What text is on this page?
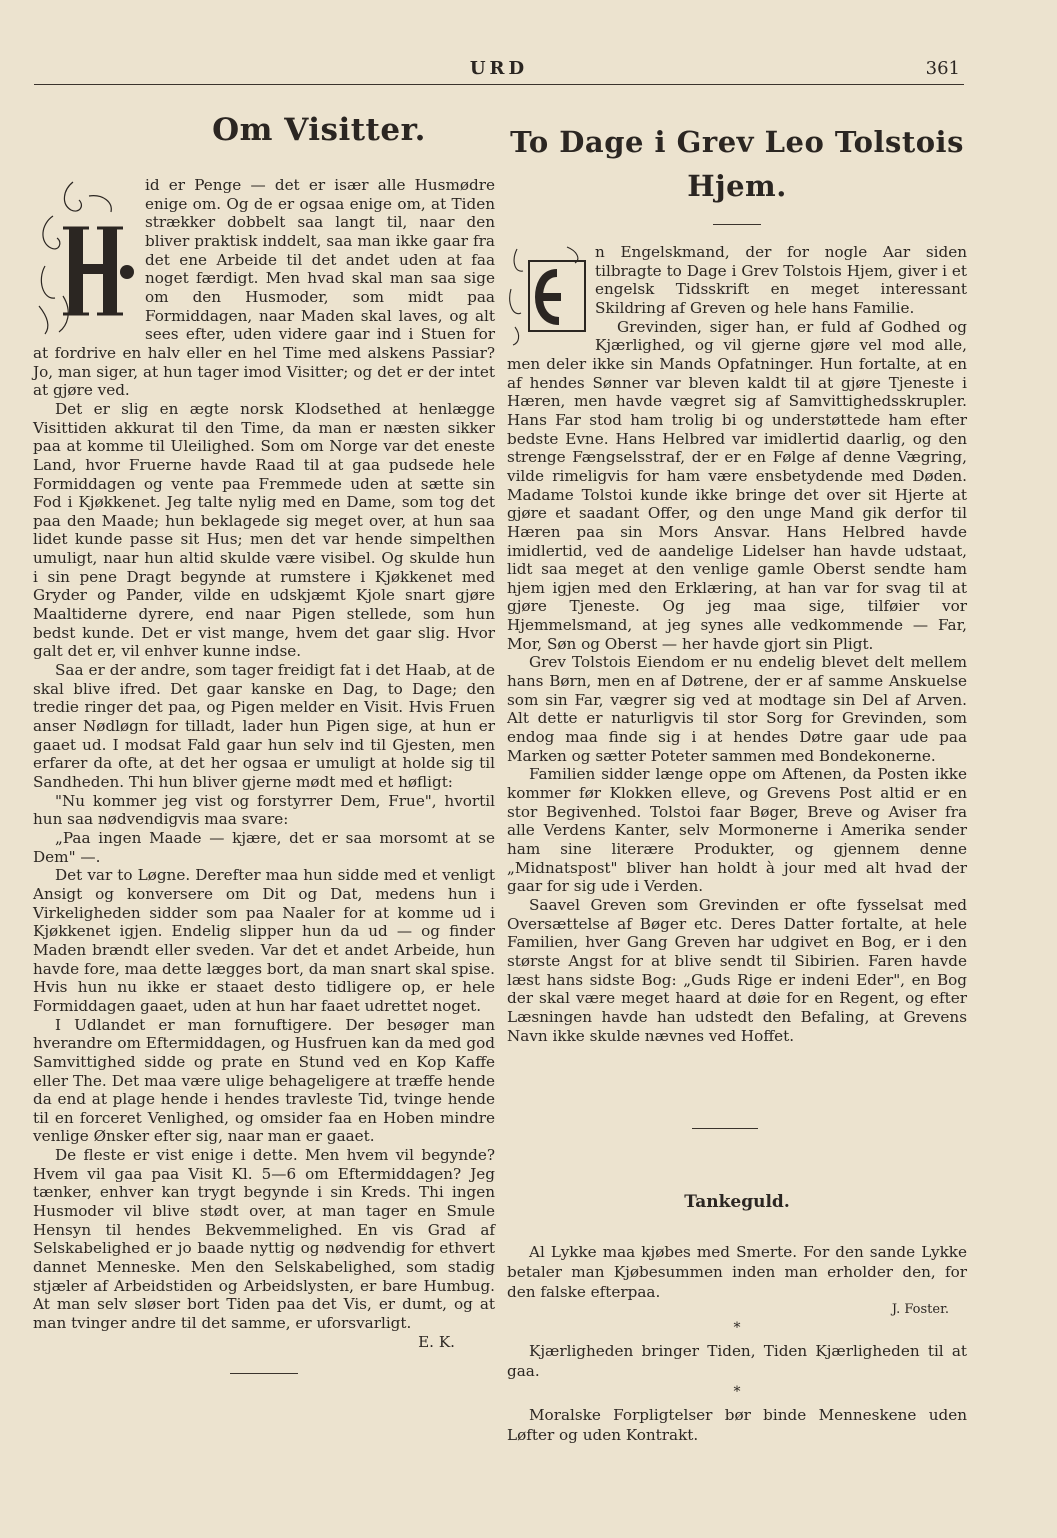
URD	361
Om Visitter.

id er Penge — det er især alle Husmødre enige om. Og de er ogsaa enige om, at Tiden strækker dobbelt saa langt til, naar den bliver praktisk inddelt, saa man ikke gaar fra det ene Arbeide til det andet uden at faa noget færdigt. Men hvad skal man saa sige om den Husmoder, som midt paa Formiddagen, naar Maden skal laves, og alt sees efter, uden videre gaar ind i Stuen for at fordrive en halv eller en hel Time med alskens Passiar? Jo, man siger, at hun tager imod Visitter; og det er der intet at gjøre ved.

Det er slig en ægte norsk Klodsethed at henlægge Visittiden akkurat til den Time, da man er næsten sikker paa at komme til Uleilighed. Som om Norge var det eneste Land, hvor Fruerne havde Raad til at gaa pudsede hele Formiddagen og vente paa Fremmede uden at sætte sin Fod i Kjøkkenet. Jeg talte nylig med en Dame, som tog det paa den Maade; hun beklagede sig meget over, at hun saa lidet kunde passe sit Hus; men det var hende simpelthen umuligt, naar hun altid skulde være visibel. Og skulde hun i sin pene Dragt begynde at rumstere i Kjøkkenet med Gryder og Pander, vilde en udskjæmt Kjole snart gjøre Maaltiderne dyrere, end naar Pigen stellede, som hun bedst kunde. Det er vist mange, hvem det gaar slig. Hvor galt det er, vil enhver kunne indse.

Saa er der andre, som tager freidigt fat i det Haab, at de skal blive ifred. Det gaar kanske en Dag, to Dage; den tredie ringer det paa, og Pigen melder en Visit. Hvis Fruen anser Nødløgn for tilladt, lader hun Pigen sige, at hun er gaaet ud. I modsat Fald gaar hun selv ind til Gjesten, men erfarer da ofte, at det her ogsaa er umuligt at holde sig til Sandheden. Thi hun bliver gjerne mødt med et høfligt:

"Nu kommer jeg vist og forstyrrer Dem, Frue", hvortil hun saa nødvendigvis maa svare:

„Paa ingen Maade — kjære, det er saa morsomt at se Dem" —.

Det var to Løgne. Derefter maa hun sidde med et venligt Ansigt og konversere om Dit og Dat, medens hun i Virkeligheden sidder som paa Naaler for at komme ud i Kjøkkenet igjen. Endelig slipper hun da ud — og finder Maden brændt eller sveden. Var det et andet Arbeide, hun havde fore, maa dette lægges bort, da man snart skal spise. Hvis hun nu ikke er staaet desto tidligere op, er hele Formiddagen gaaet, uden at hun har faaet udrettet noget.

I Udlandet er man fornuftigere. Der besøger man hverandre om Eftermiddagen, og Husfruen kan da med god Samvittighed sidde og prate en Stund ved en Kop Kaffe eller The. Det maa være ulige behageligere at træffe hende da end at plage hende i hendes travleste Tid, tvinge hende til en forceret Venlighed, og omsider faa en Hoben mindre venlige Ønsker efter sig, naar man er gaaet.

De fleste er vist enige i dette. Men hvem vil begynde? Hvem vil gaa paa Visit Kl. 5—6 om Eftermiddagen? Jeg tænker, enhver kan trygt begynde i sin Kreds. Thi ingen Husmoder vil blive stødt over, at man tager en Smule Hensyn til hendes Bekvemmelighed. En vis Grad af Selskabelighed er jo baade nyttig og nødvendig for ethvert dannet Menneske. Men den Selskabelighed, som stadig stjæler af Arbeidstiden og Arbeidslysten, er bare Humbug. At man selv sløser bort Tiden paa det Vis, er dumt, og at man tvinger andre til det samme, er uforsvarligt.

E. K.
To Dage i Grev Leo Tolstois Hjem.

n Engelskmand, der for nogle Aar siden tilbragte to Dage i Grev Tolstois Hjem, giver i et engelsk Tidsskrift en meget interessant Skildring af Greven og hele hans Familie.

Grevinden, siger han, er fuld af Godhed og Kjærlighed, og vil gjerne gjøre vel mod alle, men deler ikke sin Mands Opfatninger. Hun fortalte, at en af hendes Sønner var bleven kaldt til at gjøre Tjeneste i Hæren, men havde vægret sig af Samvittighedsskrupler. Hans Far stod ham trolig bi og understøttede ham efter bedste Evne. Hans Helbred var imidlertid daarlig, og den strenge Fængselsstraf, der er en Følge af denne Vægring, vilde rimeligvis for ham være ensbetydende med Døden. Madame Tolstoi kunde ikke bringe det over sit Hjerte at gjøre et saadant Offer, og den unge Mand gik derfor til Hæren paa sin Mors Ansvar. Hans Helbred havde imidlertid, ved de aandelige Lidelser han havde udstaat, lidt saa meget at den venlige gamle Oberst sendte ham hjem igjen med den Erklæring, at han var for svag til at gjøre Tjeneste. Og jeg maa sige, tilføier vor Hjemmelsmand, at jeg synes alle vedkommende — Far, Mor, Søn og Oberst — her havde gjort sin Pligt.

Grev Tolstois Eiendom er nu endelig blevet delt mellem hans Børn, men en af Døtrene, der er af samme Anskuelse som sin Far, vægrer sig ved at modtage sin Del af Arven. Alt dette er naturligvis til stor Sorg for Grevinden, som endog maa finde sig i at hendes Døtre gaar ude paa Marken og sætter Poteter sammen med Bondekonerne.

Familien sidder længe oppe om Aftenen, da Posten ikke kommer før Klokken elleve, og Grevens Post altid er en stor Begivenhed. Tolstoi faar Bøger, Breve og Aviser fra alle Verdens Kanter, selv Mormonerne i Amerika sender ham sine literære Produkter, og gjennem denne „Midnatspost" bliver han holdt à jour med alt hvad der gaar for sig ude i Verden.

Saavel Greven som Grevinden er ofte fysselsat med Oversættelse af Bøger etc. Deres Datter fortalte, at hele Familien, hver Gang Greven har udgivet en Bog, er i den største Angst for at blive sendt til Sibirien. Faren havde læst hans sidste Bog: „Guds Rige er indeni Eder", en Bog der skal være meget haard at døie for en Regent, og efter Læsningen havde han udstedt den Befaling, at Grevens Navn ikke skulde nævnes ved Hoffet.

Tankeguld.

Al Lykke maa kjøbes med Smerte. For den sande Lykke betaler man Kjøbesummen inden man erholder den, for den falske efterpaa.

J. Foster.
*

Kjærligheden bringer Tiden, Tiden Kjærligheden til at gaa.

*

Moralske Forpligtelser bør binde Menneskene uden Løfter og uden Kontrakt.
